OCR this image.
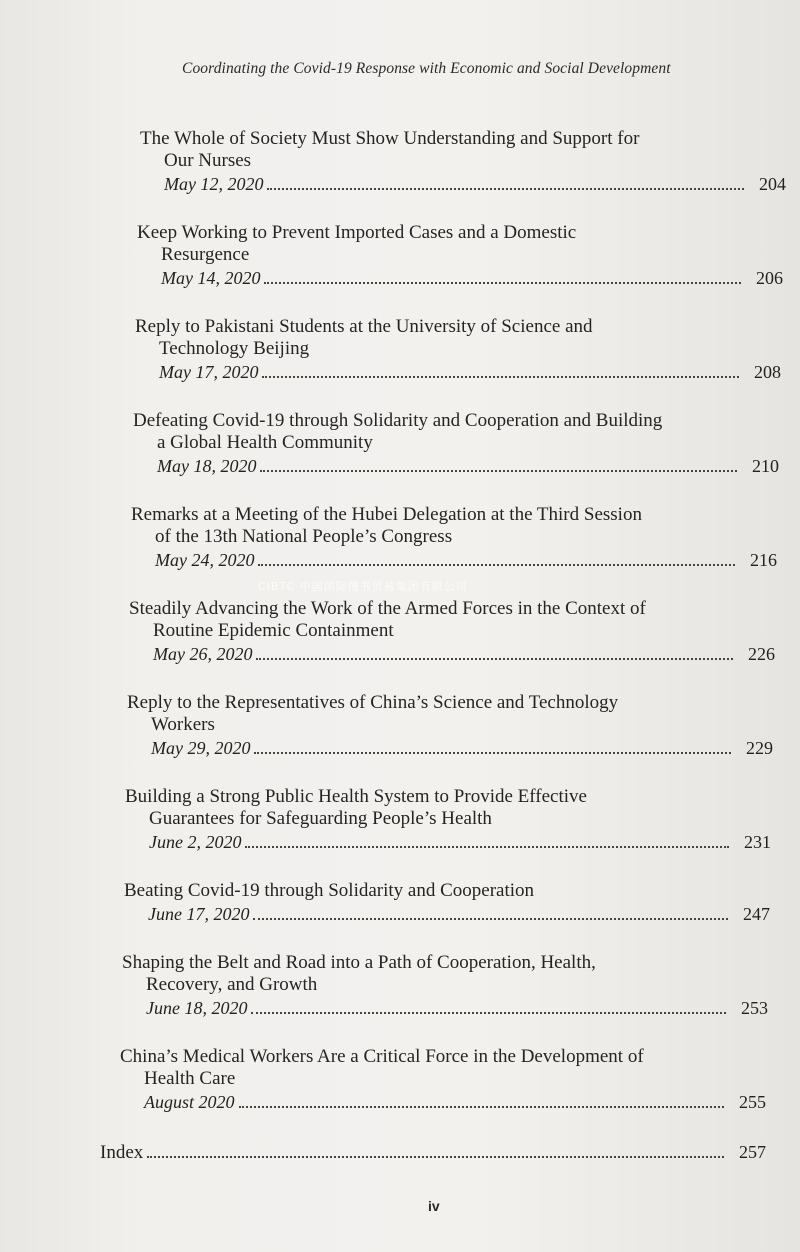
Coordinating the Covid-19 Response with Economic and Social Development
The Whole of Society Must Show Understanding and Support for
Our Nurses
May 12, 2020	204
Keep Working to Prevent Imported Cases and a Domestic
Resurgence
May 14, 2020	206
Reply to Pakistani Students at the University of Science and
Technology Beijing
May 17, 2020	208
Defeating Covid-19 through Solidarity and Cooperation and Building
a Global Health Community
May 18, 2020	210
Remarks at a Meeting of the Hubei Delegation at the Third Session
of the 13th National People’s Congress
May 24, 2020	216
Steadily Advancing the Work of the Armed Forces in the Context of
Routine Epidemic Containment
May 26, 2020	226
Reply to the Representatives of China’s Science and Technology
Workers
May 29, 2020	229
Building a Strong Public Health System to Provide Effective
Guarantees for Safeguarding People’s Health
June 2, 2020	231
Beating Covid-19 through Solidarity and Cooperation
June 17, 2020	247
Shaping the Belt and Road into a Path of Cooperation, Health,
Recovery, and Growth
June 18, 2020	253
China’s Medical Workers Are a Critical Force in the Development of
Health Care
August 2020	255
Index	257
CIBTC 中国国际图书贸易集团有限公司
iv
